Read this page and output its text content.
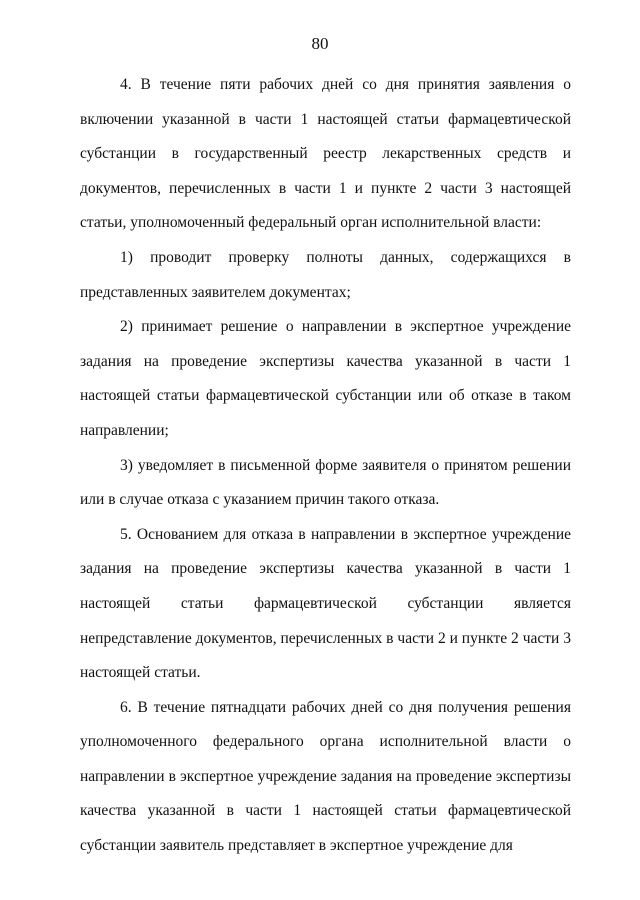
80

4. В течение пяти рабочих дней со дня принятия заявления о включении указанной в части 1 настоящей статьи фармацевтической субстанции в государственный реестр лекарственных средств и документов, перечисленных в части 1 и пункте 2 части 3 настоящей статьи, уполномоченный федеральный орган исполнительной власти:

1) проводит проверку полноты данных, содержащихся в представленных заявителем документах;

2) принимает решение о направлении в экспертное учреждение задания на проведение экспертизы качества указанной в части 1 настоящей статьи фармацевтической субстанции или об отказе в таком направлении;

3) уведомляет в письменной форме заявителя о принятом решении или в случае отказа с указанием причин такого отказа.

5. Основанием для отказа в направлении в экспертное учреждение задания на проведение экспертизы качества указанной в части 1 настоящей статьи фармацевтической субстанции является непредставление документов, перечисленных в части 2 и пункте 2 части 3 настоящей статьи.

6. В течение пятнадцати рабочих дней со дня получения решения уполномоченного федерального органа исполнительной власти о направлении в экспертное учреждение задания на проведение экспертизы качества указанной в части 1 настоящей статьи фармацевтической субстанции заявитель представляет в экспертное учреждение для
